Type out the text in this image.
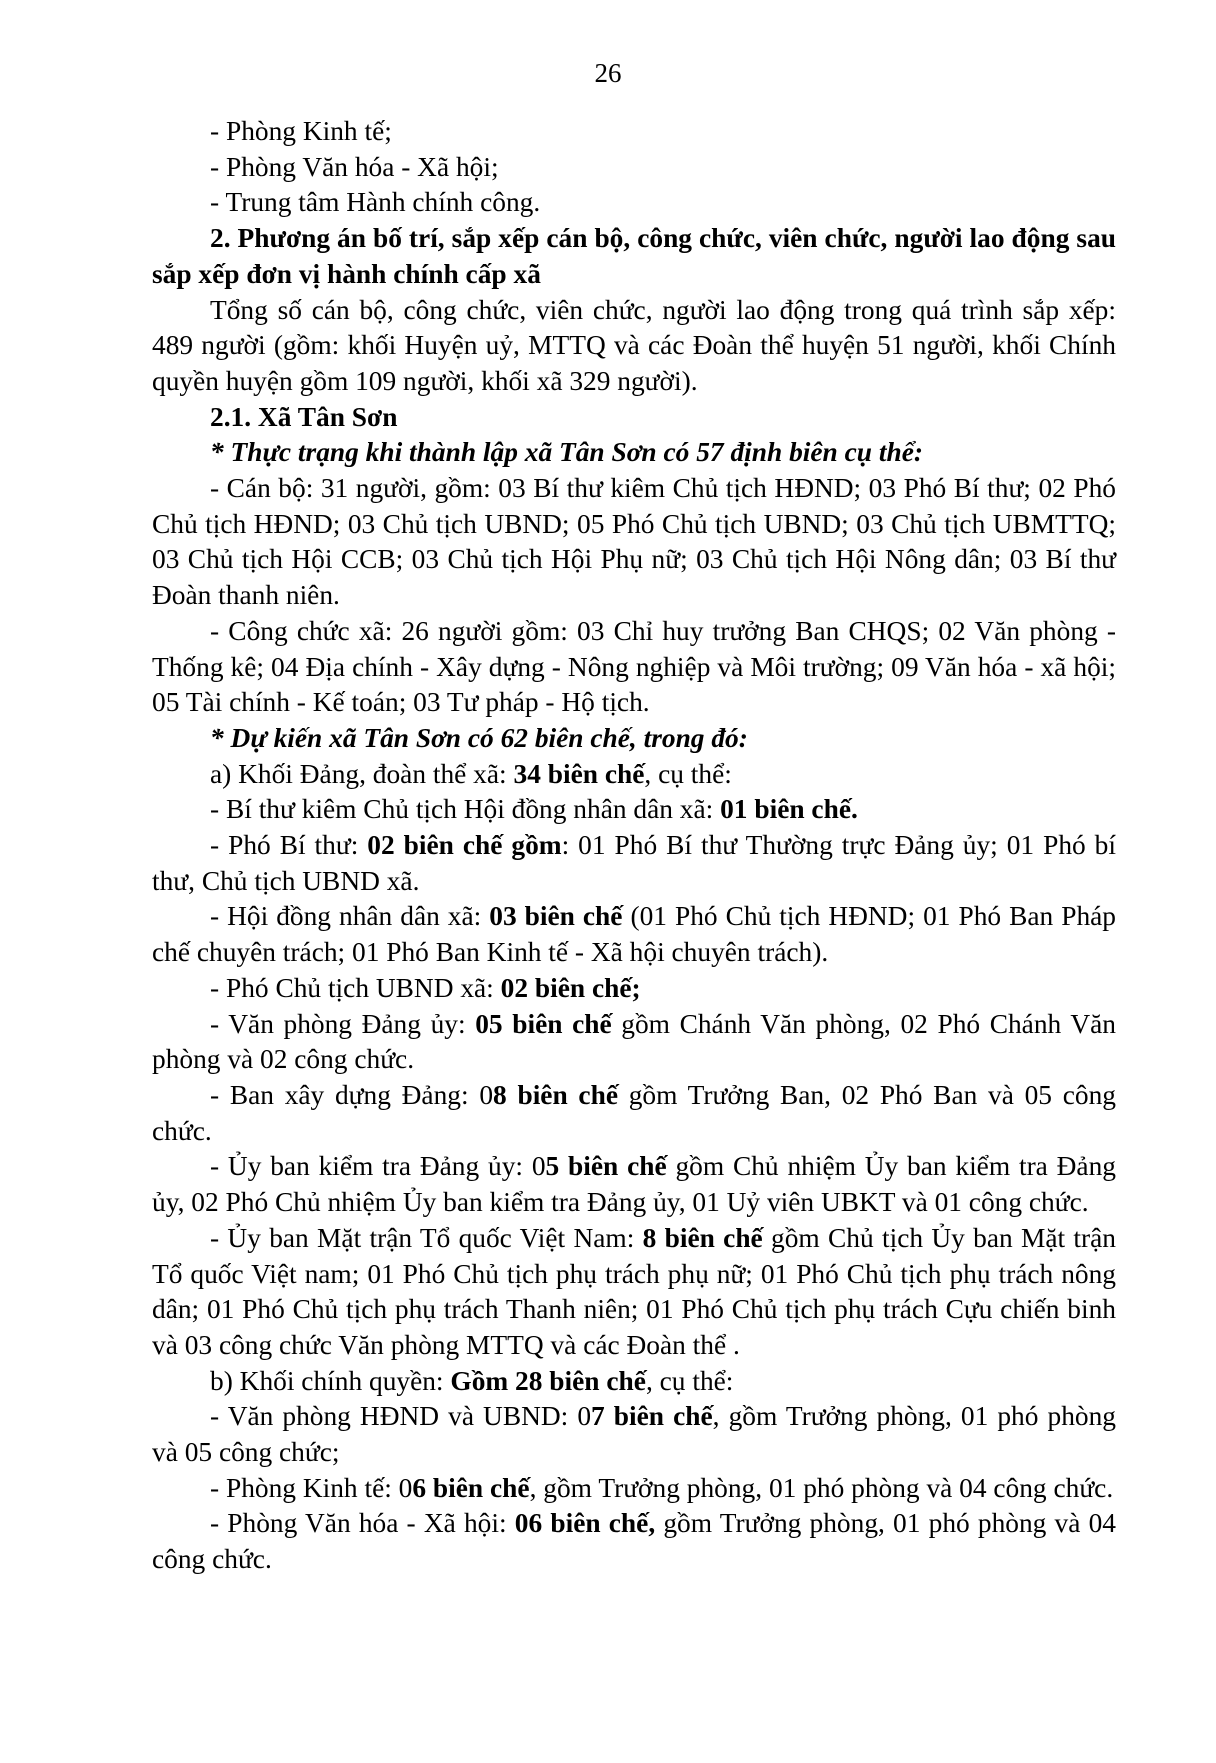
26

- Phòng Kinh tế;

- Phòng Văn hóa - Xã hội;

- Trung tâm Hành chính công.

2. Phương án bố trí, sắp xếp cán bộ, công chức, viên chức, người lao động sau sắp xếp đơn vị hành chính cấp xã

Tổng số cán bộ, công chức, viên chức, người lao động trong quá trình sắp xếp: 489 người (gồm: khối Huyện uỷ, MTTQ và các Đoàn thể huyện 51 người, khối Chính quyền huyện gồm 109 người, khối xã 329 người).

2.1. Xã Tân Sơn

* Thực trạng khi thành lập xã Tân Sơn có 57 định biên cụ thể:

- Cán bộ: 31 người, gồm: 03 Bí thư kiêm Chủ tịch HĐND; 03 Phó Bí thư; 02 Phó Chủ tịch HĐND; 03 Chủ tịch UBND; 05 Phó Chủ tịch UBND; 03 Chủ tịch UBMTTQ; 03 Chủ tịch Hội CCB; 03 Chủ tịch Hội Phụ nữ; 03 Chủ tịch Hội Nông dân; 03 Bí thư Đoàn thanh niên.

- Công chức xã: 26 người gồm: 03 Chỉ huy trưởng Ban CHQS; 02 Văn phòng - Thống kê; 04 Địa chính - Xây dựng - Nông nghiệp và Môi trường; 09 Văn hóa - xã hội; 05 Tài chính - Kế toán; 03 Tư pháp - Hộ tịch.

* Dự kiến xã Tân Sơn có 62 biên chế, trong đó:

a) Khối Đảng, đoàn thể xã: 34 biên chế, cụ thể:

- Bí thư kiêm Chủ tịch Hội đồng nhân dân xã: 01 biên chế.

- Phó Bí thư: 02 biên chế gồm: 01 Phó Bí thư Thường trực Đảng ủy; 01 Phó bí thư, Chủ tịch UBND xã.

- Hội đồng nhân dân xã: 03 biên chế (01 Phó Chủ tịch HĐND; 01 Phó Ban Pháp chế chuyên trách; 01 Phó Ban Kinh tế - Xã hội chuyên trách).

- Phó Chủ tịch UBND xã: 02 biên chế;

- Văn phòng Đảng ủy: 05 biên chế gồm Chánh Văn phòng, 02 Phó Chánh Văn phòng và 02 công chức.

- Ban xây dựng Đảng: 08 biên chế gồm Trưởng Ban, 02 Phó Ban và 05 công chức.

- Ủy ban kiểm tra Đảng ủy: 05 biên chế gồm Chủ nhiệm Ủy ban kiểm tra Đảng ủy, 02 Phó Chủ nhiệm Ủy ban kiểm tra Đảng ủy, 01 Uỷ viên UBKT và 01 công chức.

- Ủy ban Mặt trận Tổ quốc Việt Nam: 8 biên chế gồm Chủ tịch Ủy ban Mặt trận Tổ quốc Việt nam; 01 Phó Chủ tịch phụ trách phụ nữ; 01 Phó Chủ tịch phụ trách nông dân; 01 Phó Chủ tịch phụ trách Thanh niên; 01 Phó Chủ tịch phụ trách Cựu chiến binh và 03 công chức Văn phòng MTTQ và các Đoàn thể .

b) Khối chính quyền: Gồm 28 biên chế, cụ thể:

- Văn phòng HĐND và UBND: 07 biên chế, gồm Trưởng phòng, 01 phó phòng và 05 công chức;

- Phòng Kinh tế: 06 biên chế, gồm Trưởng phòng, 01 phó phòng và 04 công chức.

- Phòng Văn hóa - Xã hội: 06 biên chế, gồm Trưởng phòng, 01 phó phòng và 04 công chức.
